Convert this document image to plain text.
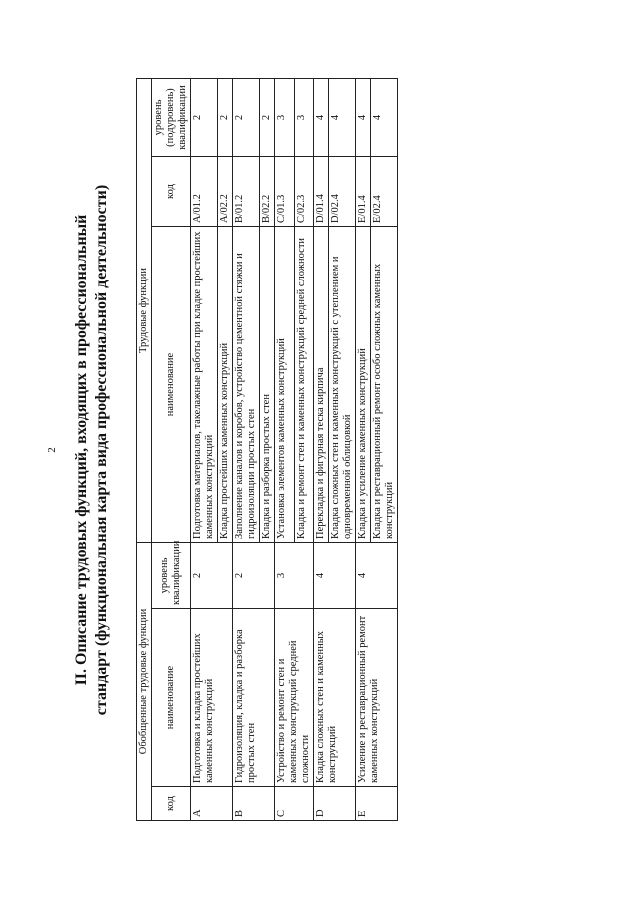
2 II. Описание трудовых функций, входящих в профессиональный стандарт (функциональная карта вида профессиональной деятельности)	Обобщенные трудовые функции			Трудовые функции		
код	наименование	уровень квалификации	наименование	код	уровень (подуровень) квалификации
A	Подготовка и кладка простейших каменных конструкций	2	Подготовка материалов, такелажные работы при кладке простейших каменных конструкций	A/01.2	2
			Кладка простейших каменных конструкций	A/02.2	2
B	Гидроизоляция, кладка и разборка простых стен	2	Заполнение каналов и коробов, устройство цементной стяжки и гидроизоляции простых стен	B/01.2	2
			Кладка и разборка простых стен	B/02.2	2
C	Устройство и ремонт стен и каменных конструкций средней сложности	3	Установка элементов каменных конструкций	C/01.3	3
			Кладка и ремонт стен и каменных конструкций средней сложности	C/02.3	3
D	Кладка сложных стен и каменных конструкций	4	Перекладка и фигурная теска кирпича	D/01.4	4
			Кладка сложных стен и каменных конструкций с утеплением и одновременной облицовкой	D/02.4	4
E	Усиление и реставрационный ремонт каменных конструкций	4	Кладка и усиление каменных конструкций	E/01.4	4
			Кладка и реставрационный ремонт особо сложных каменных конструкций	E/02.4	4
